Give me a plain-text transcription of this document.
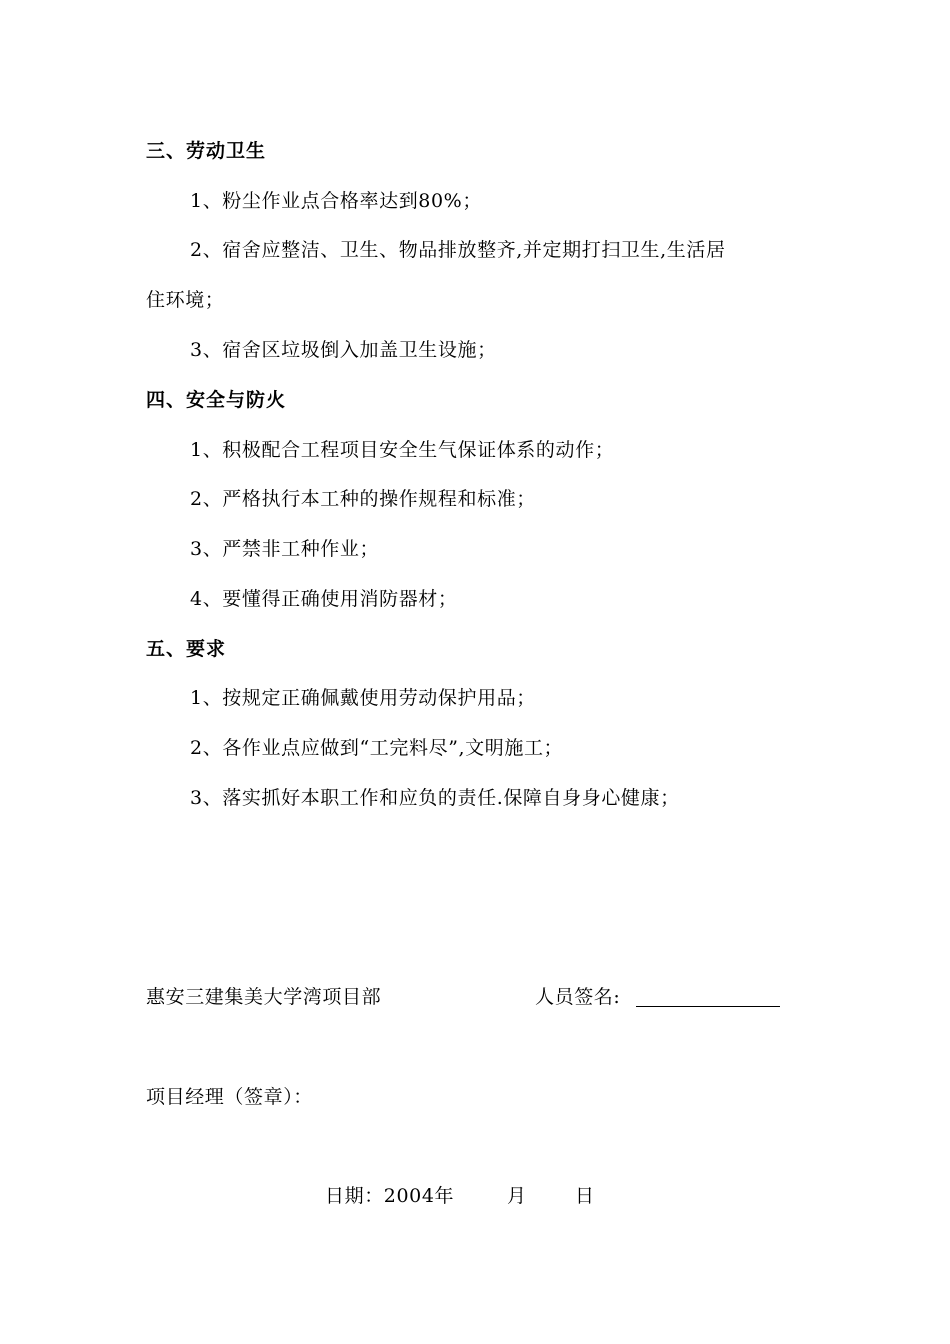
三、劳动卫生
1、粉尘作业点合格率达到80%；
2、宿舍应整洁、卫生、物品排放整齐,并定期打扫卫生,生活居
住环境；
3、宿舍区垃圾倒入加盖卫生设施；
四、安全与防火
1、积极配合工程项目安全生气保证体系的动作；
2、严格执行本工种的操作规程和标准；
3、严禁非工种作业；
4、要懂得正确使用消防器材；
五、要求
1、按规定正确佩戴使用劳动保护用品；
2、各作业点应做到“工完料尽”,文明施工；
3、落实抓好本职工作和应负的责任.保障自身身心健康；
惠安三建集美大学湾项目部	人员签名:
项目经理（签章）：
日期：2004年	月	日
